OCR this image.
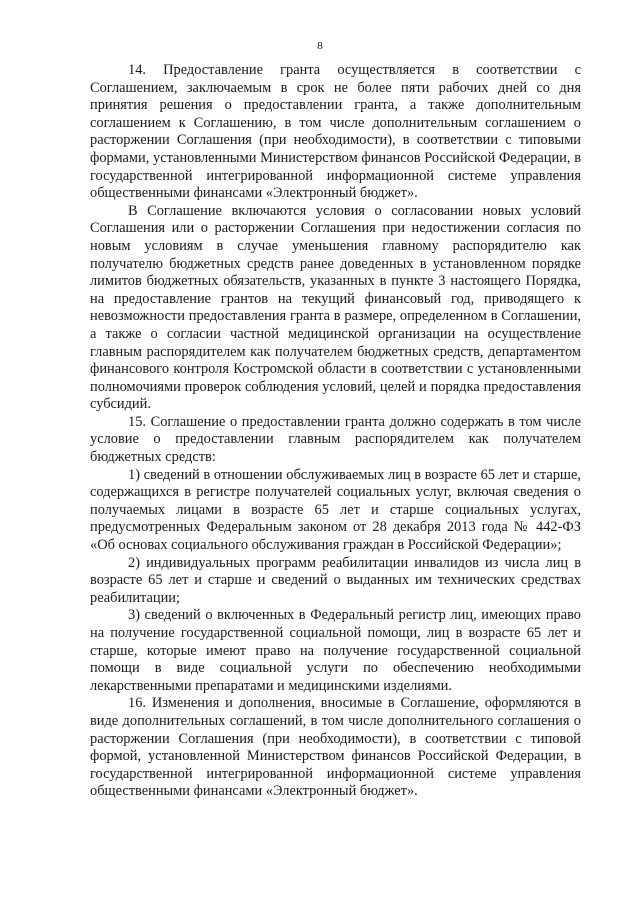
8

14. Предоставление гранта осуществляется в соответствии с Соглашением, заключаемым в срок не более пяти рабочих дней со дня принятия решения о предоставлении гранта, а также дополнительным соглашением к Соглашению, в том числе дополнительным соглашением о расторжении Соглашения (при необходимости), в соответствии с типовыми формами, установленными Министерством финансов Российской Федерации, в государственной интегрированной информационной системе управления общественными финансами «Электронный бюджет».

В Соглашение включаются условия о согласовании новых условий Соглашения или о расторжении Соглашения при недостижении согласия по новым условиям в случае уменьшения главному распорядителю как получателю бюджетных средств ранее доведенных в установленном порядке лимитов бюджетных обязательств, указанных в пункте 3 настоящего Порядка, на предоставление грантов на текущий финансовый год, приводящего к невозможности предоставления гранта в размере, определенном в Соглашении, а также о согласии частной медицинской организации на осуществление главным распорядителем как получателем бюджетных средств, департаментом финансового контроля Костромской области в соответствии с установленными полномочиями проверок соблюдения условий, целей и порядка предоставления субсидий.

15. Соглашение о предоставлении гранта должно содержать в том числе условие о предоставлении главным распорядителем как получателем бюджетных средств:

1) сведений в отношении обслуживаемых лиц в возрасте 65 лет и старше, содержащихся в регистре получателей социальных услуг, включая сведения о получаемых лицами в возрасте 65 лет и старше социальных услугах, предусмотренных Федеральным законом от 28 декабря 2013 года № 442-ФЗ «Об основах социального обслуживания граждан в Российской Федерации»;

2) индивидуальных программ реабилитации инвалидов из числа лиц в возрасте 65 лет и старше и сведений о выданных им технических средствах реабилитации;

3) сведений о включенных в Федеральный регистр лиц, имеющих право на получение государственной социальной помощи, лиц в возрасте 65 лет и старше, которые имеют право на получение государственной социальной помощи в виде социальной услуги по обеспечению необходимыми лекарственными препаратами и медицинскими изделиями.

16. Изменения и дополнения, вносимые в Соглашение, оформляются в виде дополнительных соглашений, в том числе дополнительного соглашения о расторжении Соглашения (при необходимости), в соответствии с типовой формой, установленной Министерством финансов Российской Федерации, в государственной интегрированной информационной системе управления общественными финансами «Электронный бюджет».
